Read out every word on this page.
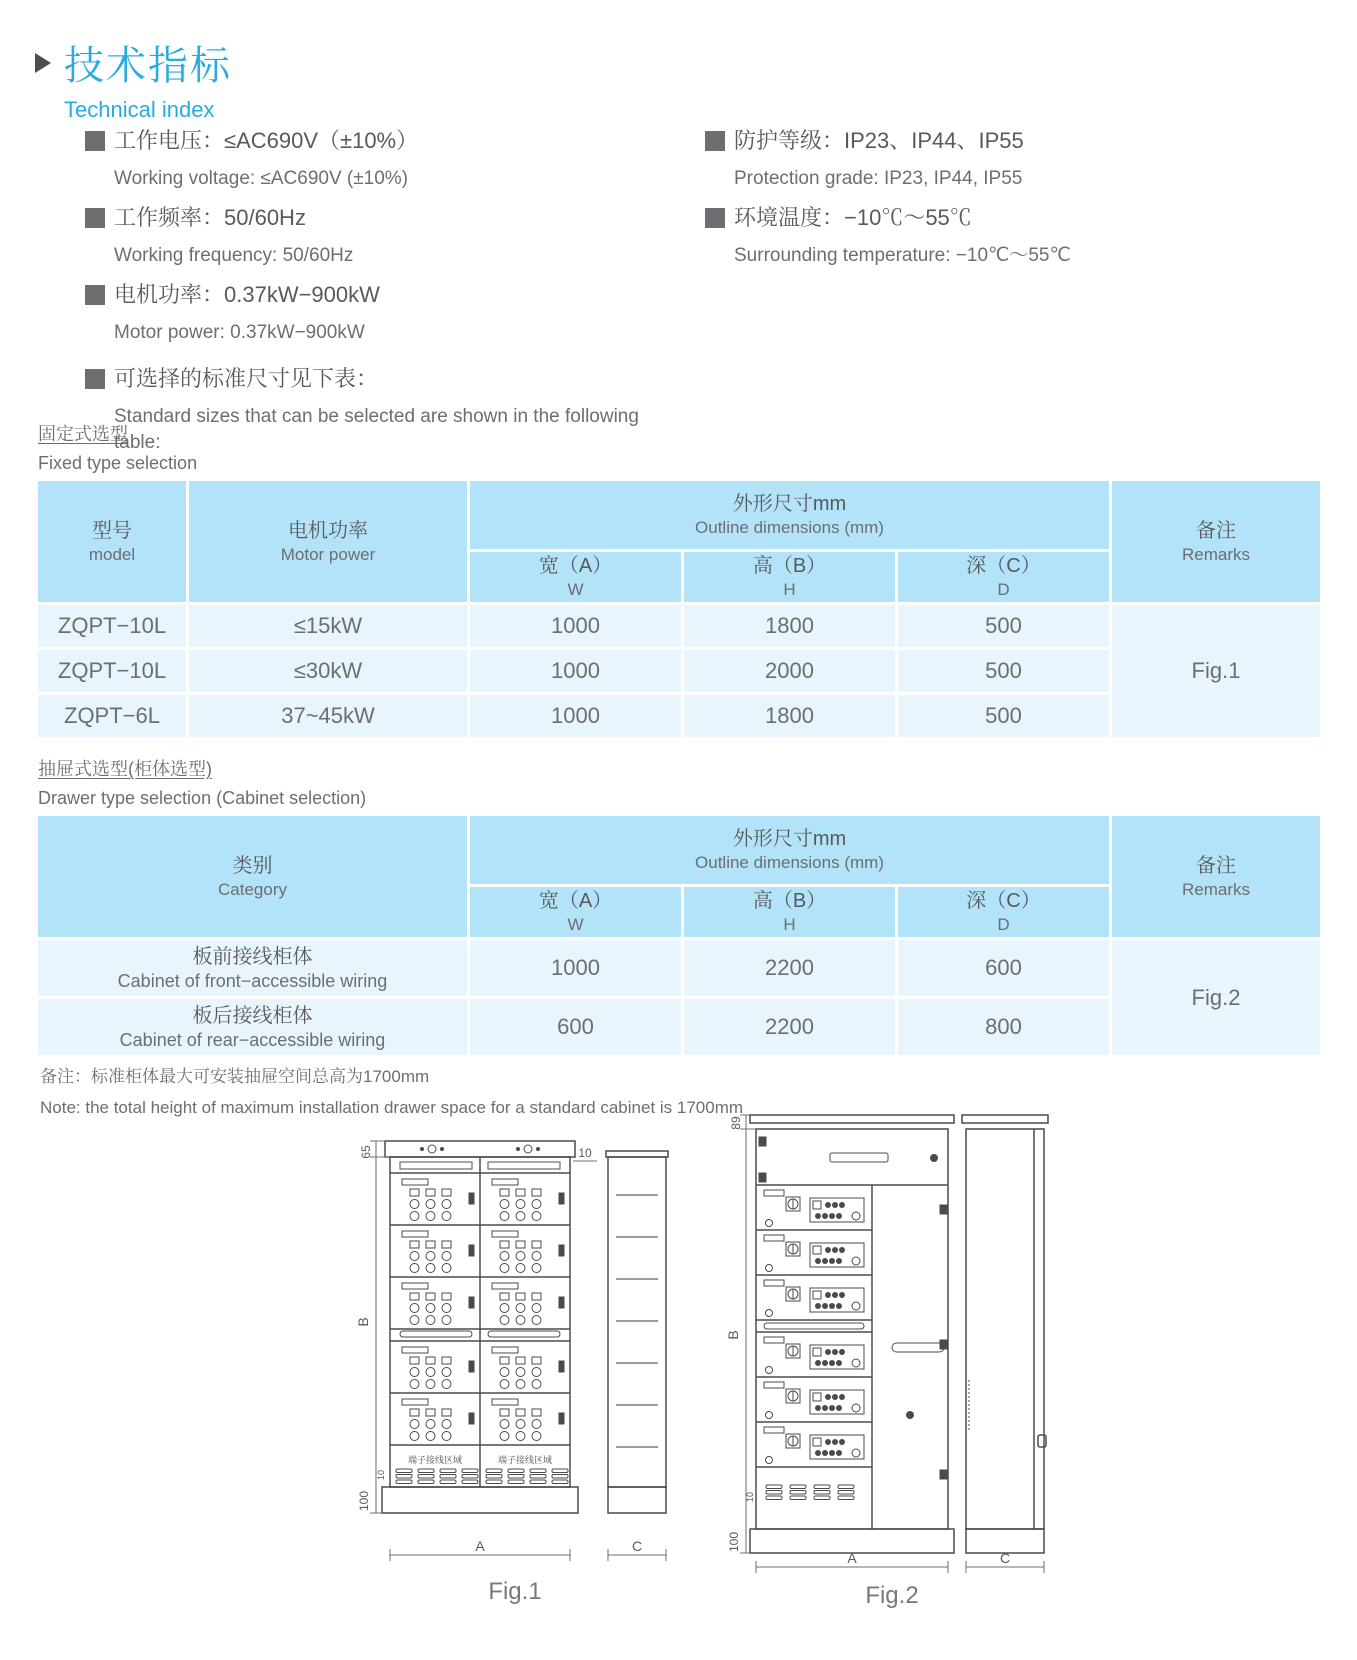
技术指标
Technical index
工作电压：≤AC690V（±10%）
Working voltage: ≤AC690V (±10%)
工作频率：50/60Hz
Working frequency: 50/60Hz
电机功率：0.37kW−900kW
Motor power: 0.37kW−900kW
可选择的标准尺寸见下表：
Standard sizes that can be selected are shown in the following table:
防护等级：IP23、IP44、IP55
Protection grade: IP23, IP44, IP55
环境温度：−10℃～55℃
Surrounding temperature: −10℃～55℃
固定式选型
Fixed type selection
型号
model
电机功率
Motor power
外形尺寸mm
Outline dimensions (mm)	备注
Remarks
宽（A）
W
高（B）
H
深（C）
D
ZQPT−10L	≤15kW	1000	1800	500
Fig.1
ZQPT−10L	≤30kW	1000	2000	500
ZQPT−6L	37~45kW	1000	1800	500
抽屉式选型(柜体选型)
Drawer type selection (Cabinet selection)
类别
Category
外形尺寸mm
Outline dimensions (mm)	备注
Remarks
宽（A）
W
高（B）
H
深（C）
D
板前接线柜体
Cabinet of front−accessible wiring
1000	2200	600
Fig.2
板后接线柜体
Cabinet of rear−accessible wiring
600	2200	800
备注：标准柜体最大可安装抽屉空间总高为1700mm
Note: the total height of maximum installation drawer space for a standard cabinet is 1700mm
端子接线区域	端子接线区域
65	10
B
10
100
A	C
Fig.1
89
B
10
100
A	C
Fig.2
